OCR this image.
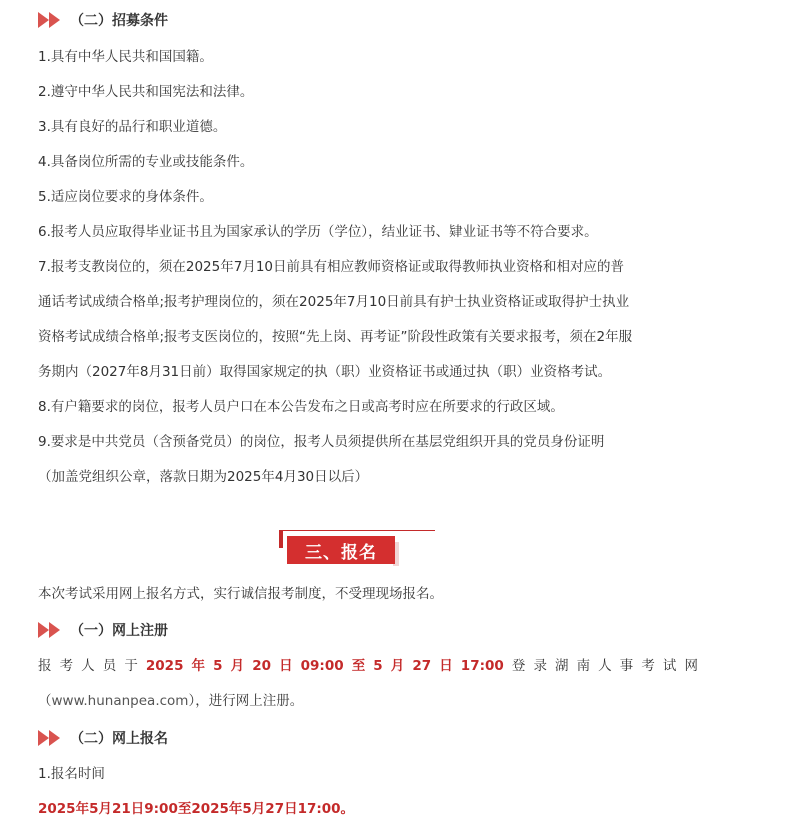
（二）招募条件
1.具有中华人民共和国国籍。
2.遵守中华人民共和国宪法和法律。
3.具有良好的品行和职业道德。
4.具备岗位所需的专业或技能条件。
5.适应岗位要求的身体条件。
6.报考人员应取得毕业证书且为国家承认的学历（学位），结业证书、肄业证书等不符合要求。
7.报考支教岗位的，须在2025年7月10日前具有相应教师资格证或取得教师执业资格和相对应的普
通话考试成绩合格单;报考护理岗位的，须在2025年7月10日前具有护士执业资格证或取得护士执业
资格考试成绩合格单;报考支医岗位的，按照“先上岗、再考证”阶段性政策有关要求报考，须在2年服
务期内（2027年8月31日前）取得国家规定的执（职）业资格证书或通过执（职）业资格考试。
8.有户籍要求的岗位，报考人员户口在本公告发布之日或高考时应在所要求的行政区域。
9.要求是中共党员（含预备党员）的岗位，报考人员须提供所在基层党组织开具的党员身份证明
（加盖党组织公章，落款日期为2025年4月30日以后）
三、报名
本次考试采用网上报名方式，实行诚信报考制度，不受理现场报名。
（一）网上注册
报 考 人 员 于 2025 年 5 月 20 日 09:00 至 5 月 27 日 17:00 登 录 湖 南 人 事 考 试 网
（www.hunanpea.com），进行网上注册。
（二）网上报名
1.报名时间
2025年5月21日9:00至2025年5月27日17:00。
